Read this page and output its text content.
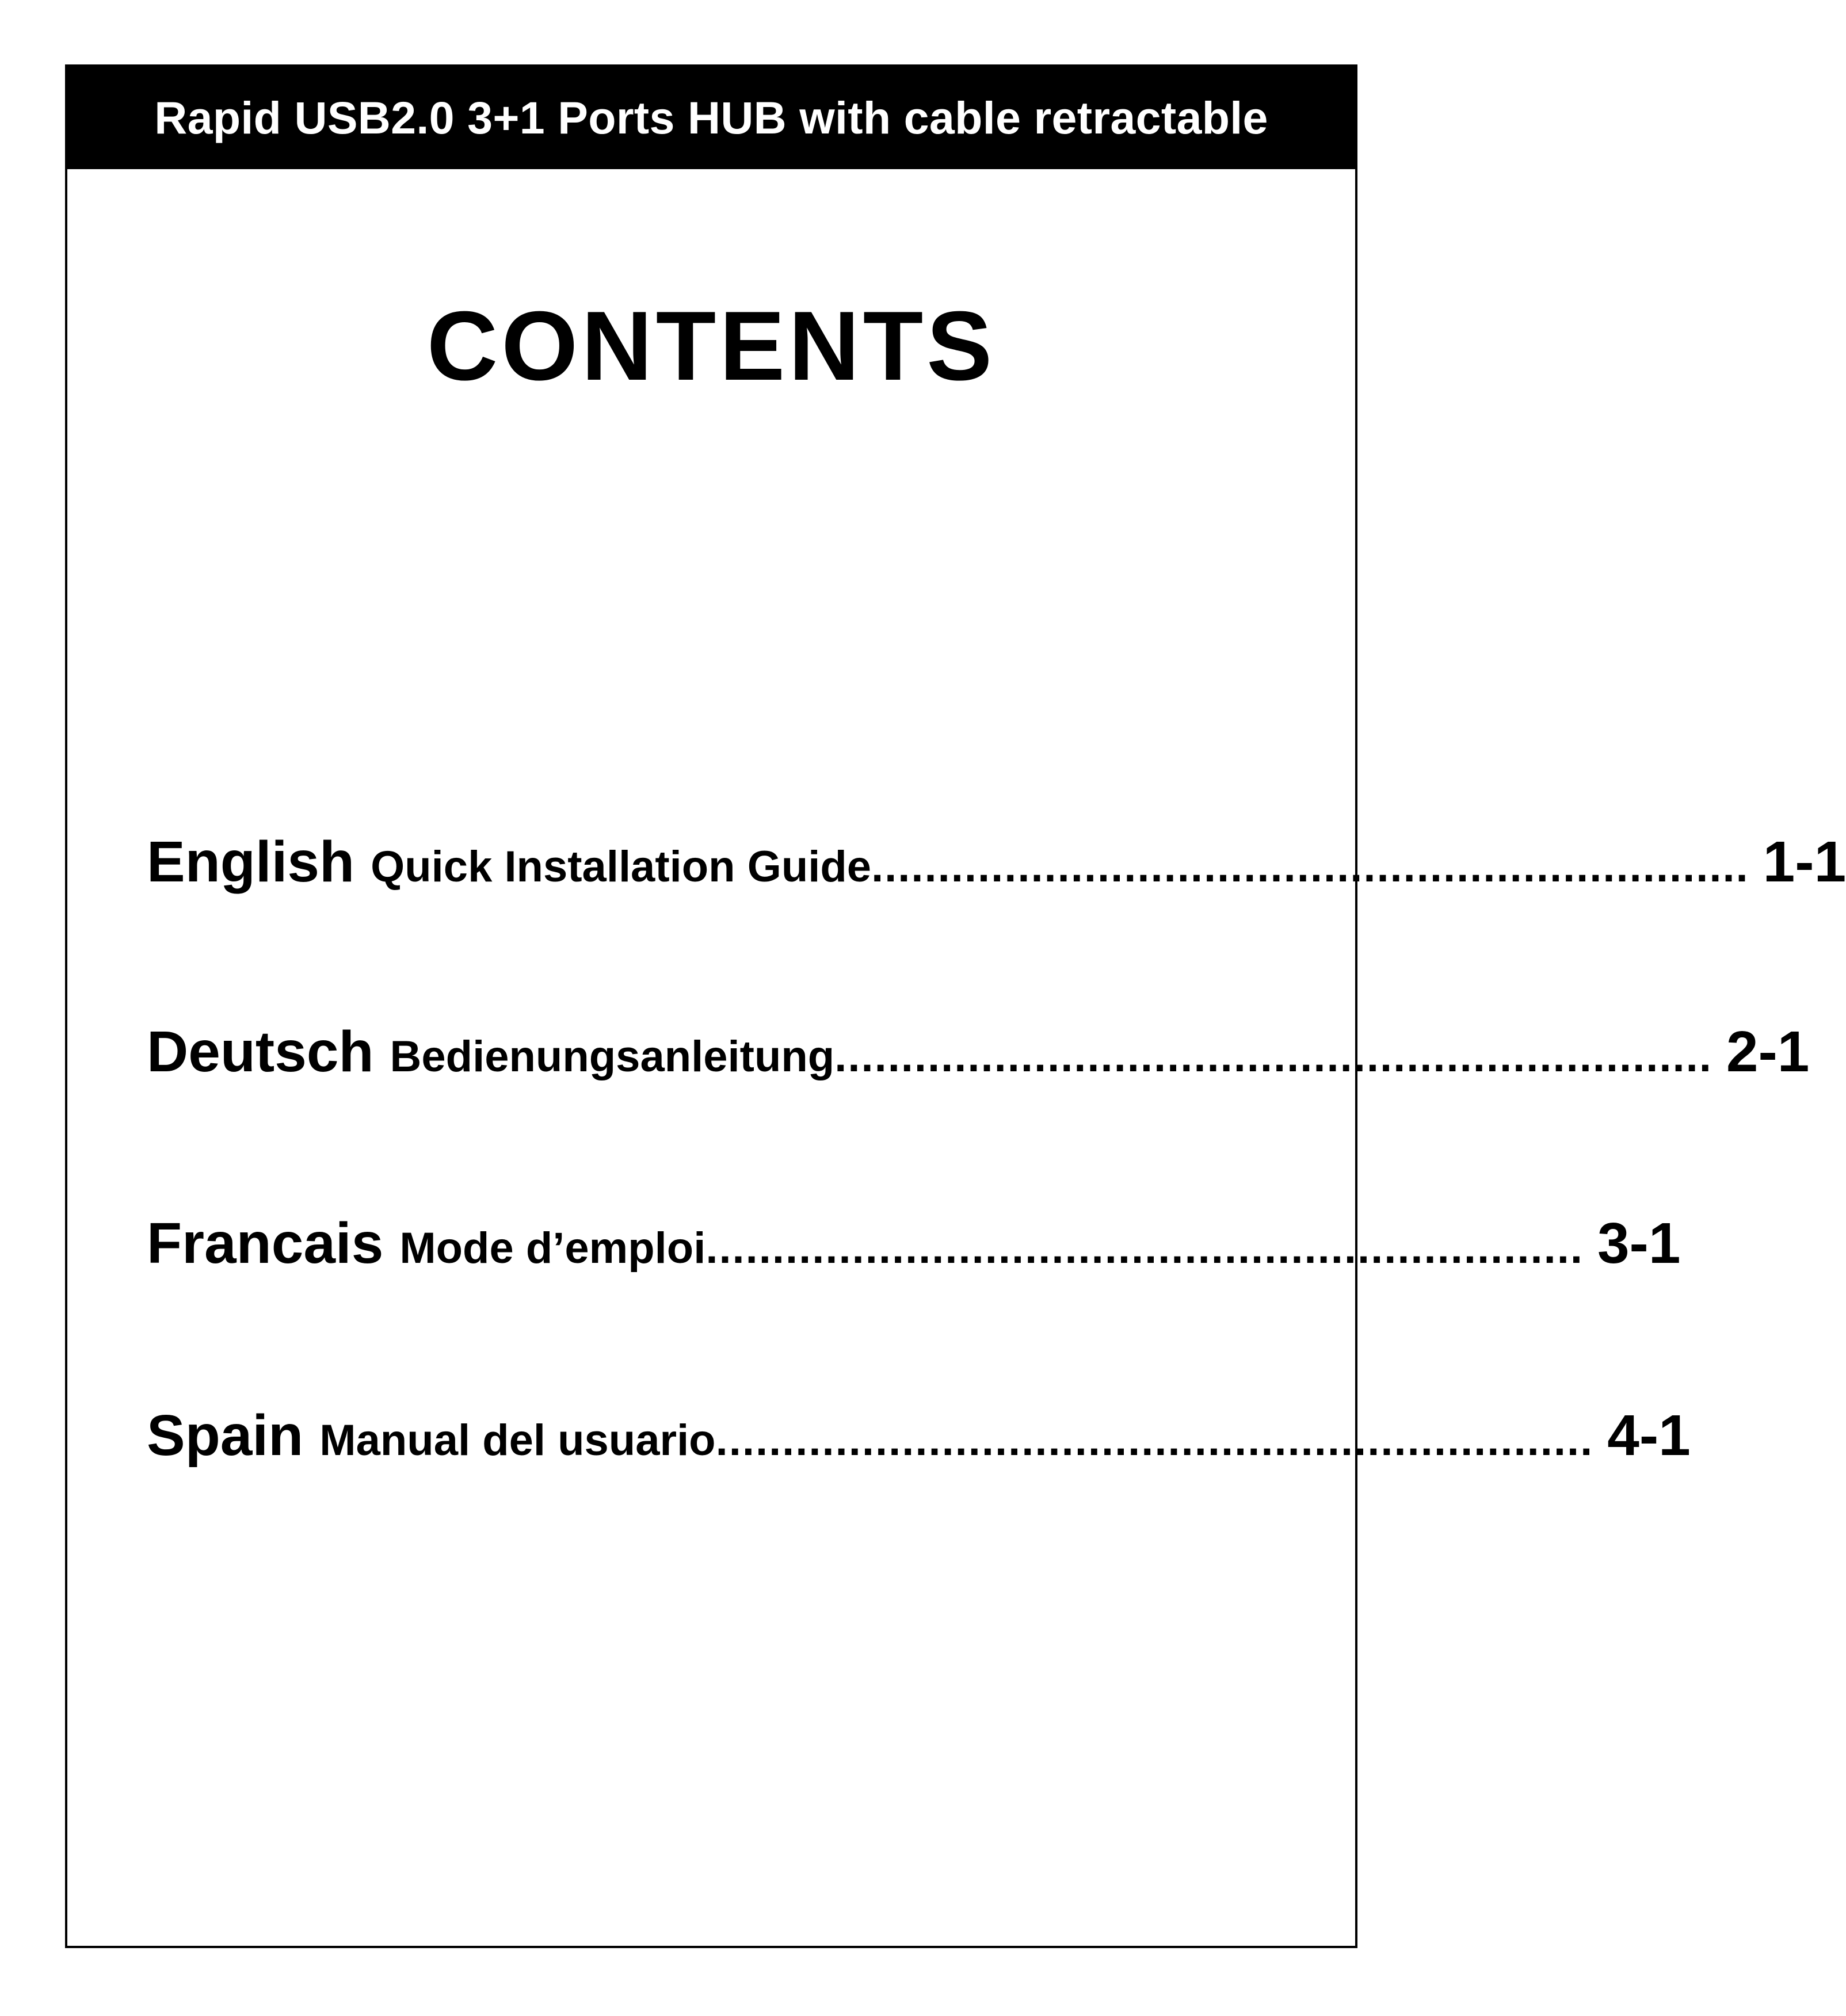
Rapid USB2.0 3+1 Ports HUB with cable retractable
CONTENTS
English Quick Installation Guide .................................................................. 1-1
Deutsch Bedienungsanleitung .................................................................. 2-1
Francais Mode d’emploi .................................................................. 3-1
Spain Manual del usuario .................................................................. 4-1
